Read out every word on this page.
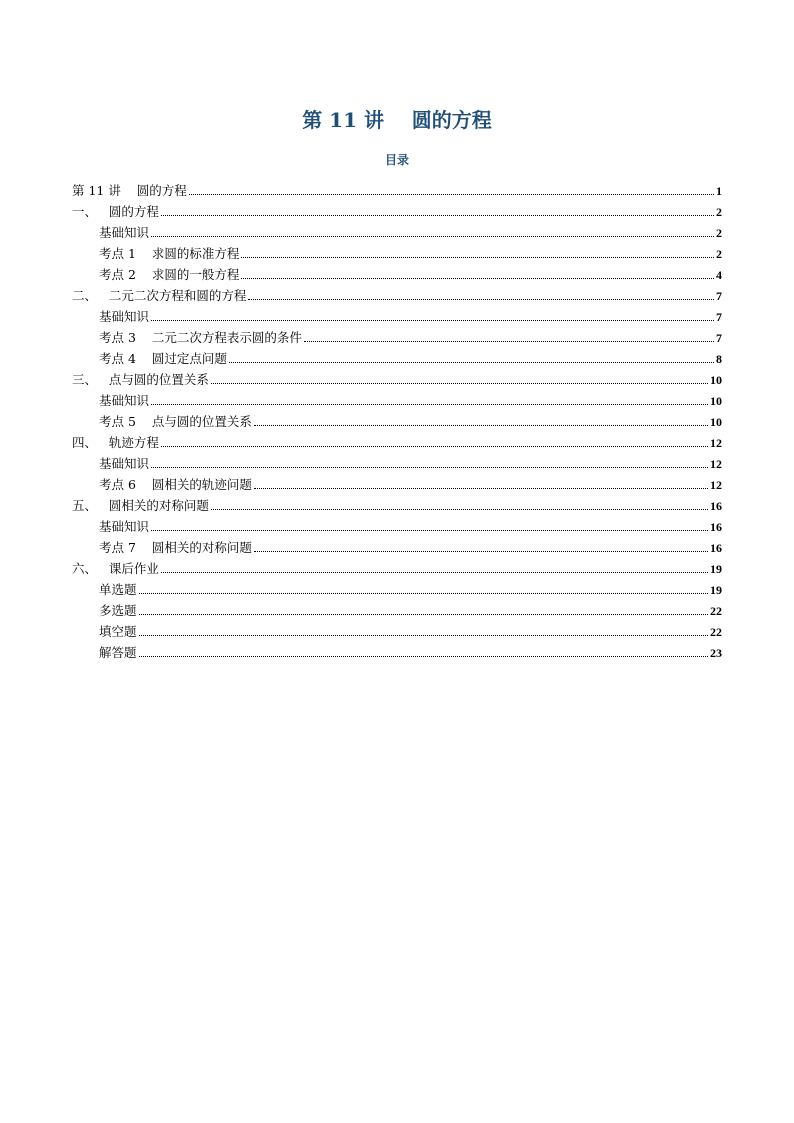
第 11 讲    圆的方程
目录
第 11 讲    圆的方程	1
一、   圆的方程	2
基础知识	2
考点 1    求圆的标准方程	2
考点 2    求圆的一般方程	4
二、   二元二次方程和圆的方程	7
基础知识	7
考点 3    二元二次方程表示圆的条件	7
考点 4    圆过定点问题	8
三、   点与圆的位置关系	10
基础知识	10
考点 5    点与圆的位置关系	10
四、   轨迹方程	12
基础知识	12
考点 6    圆相关的轨迹问题	12
五、   圆相关的对称问题	16
基础知识	16
考点 7    圆相关的对称问题	16
六、   课后作业	19
单选题	19
多选题	22
填空题	22
解答题	23
